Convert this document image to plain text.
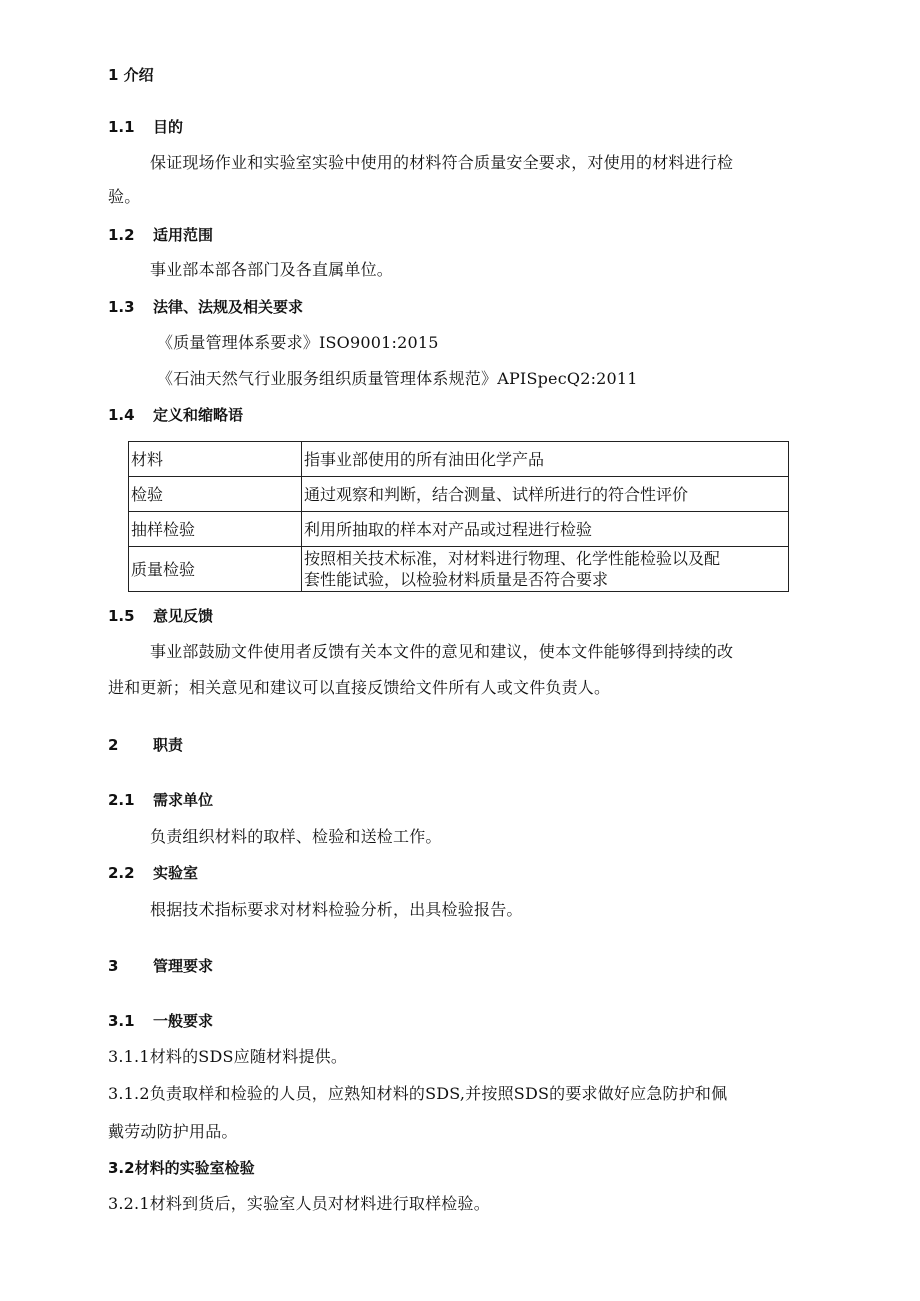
1 介绍
1.1 目的
保证现场作业和实验室实验中使用的材料符合质量安全要求，对使用的材料进行检
验。
1.2 适用范围
事业部本部各部门及各直属单位。
1.3 法律、法规及相关要求
《质量管理体系要求》ISO9001:2015
《石油天然气行业服务组织质量管理体系规范》APISpecQ2:2011
1.4 定义和缩略语
材料	指事业部使用的所有油田化学产品
检验	通过观察和判断，结合测量、试样所进行的符合性评价
抽样检验	利用所抽取的样本对产品或过程进行检验
质量检验	按照相关技术标准，对材料进行物理、化学性能检验以及配
套性能试验，以检验材料质量是否符合要求
1.5 意见反馈
事业部鼓励文件使用者反馈有关本文件的意见和建议，使本文件能够得到持续的改
进和更新；相关意见和建议可以直接反馈给文件所有人或文件负责人。
2 职责
2.1 需求单位
负责组织材料的取样、检验和送检工作。
2.2 实验室
根据技术指标要求对材料检验分析，出具检验报告。
3 管理要求
3.1 一般要求
3.1.1材料的SDS应随材料提供。
3.1.2负责取样和检验的人员，应熟知材料的SDS,并按照SDS的要求做好应急防护和佩
戴劳动防护用品。
3.2材料的实验室检验
3.2.1材料到货后，实验室人员对材料进行取样检验。
